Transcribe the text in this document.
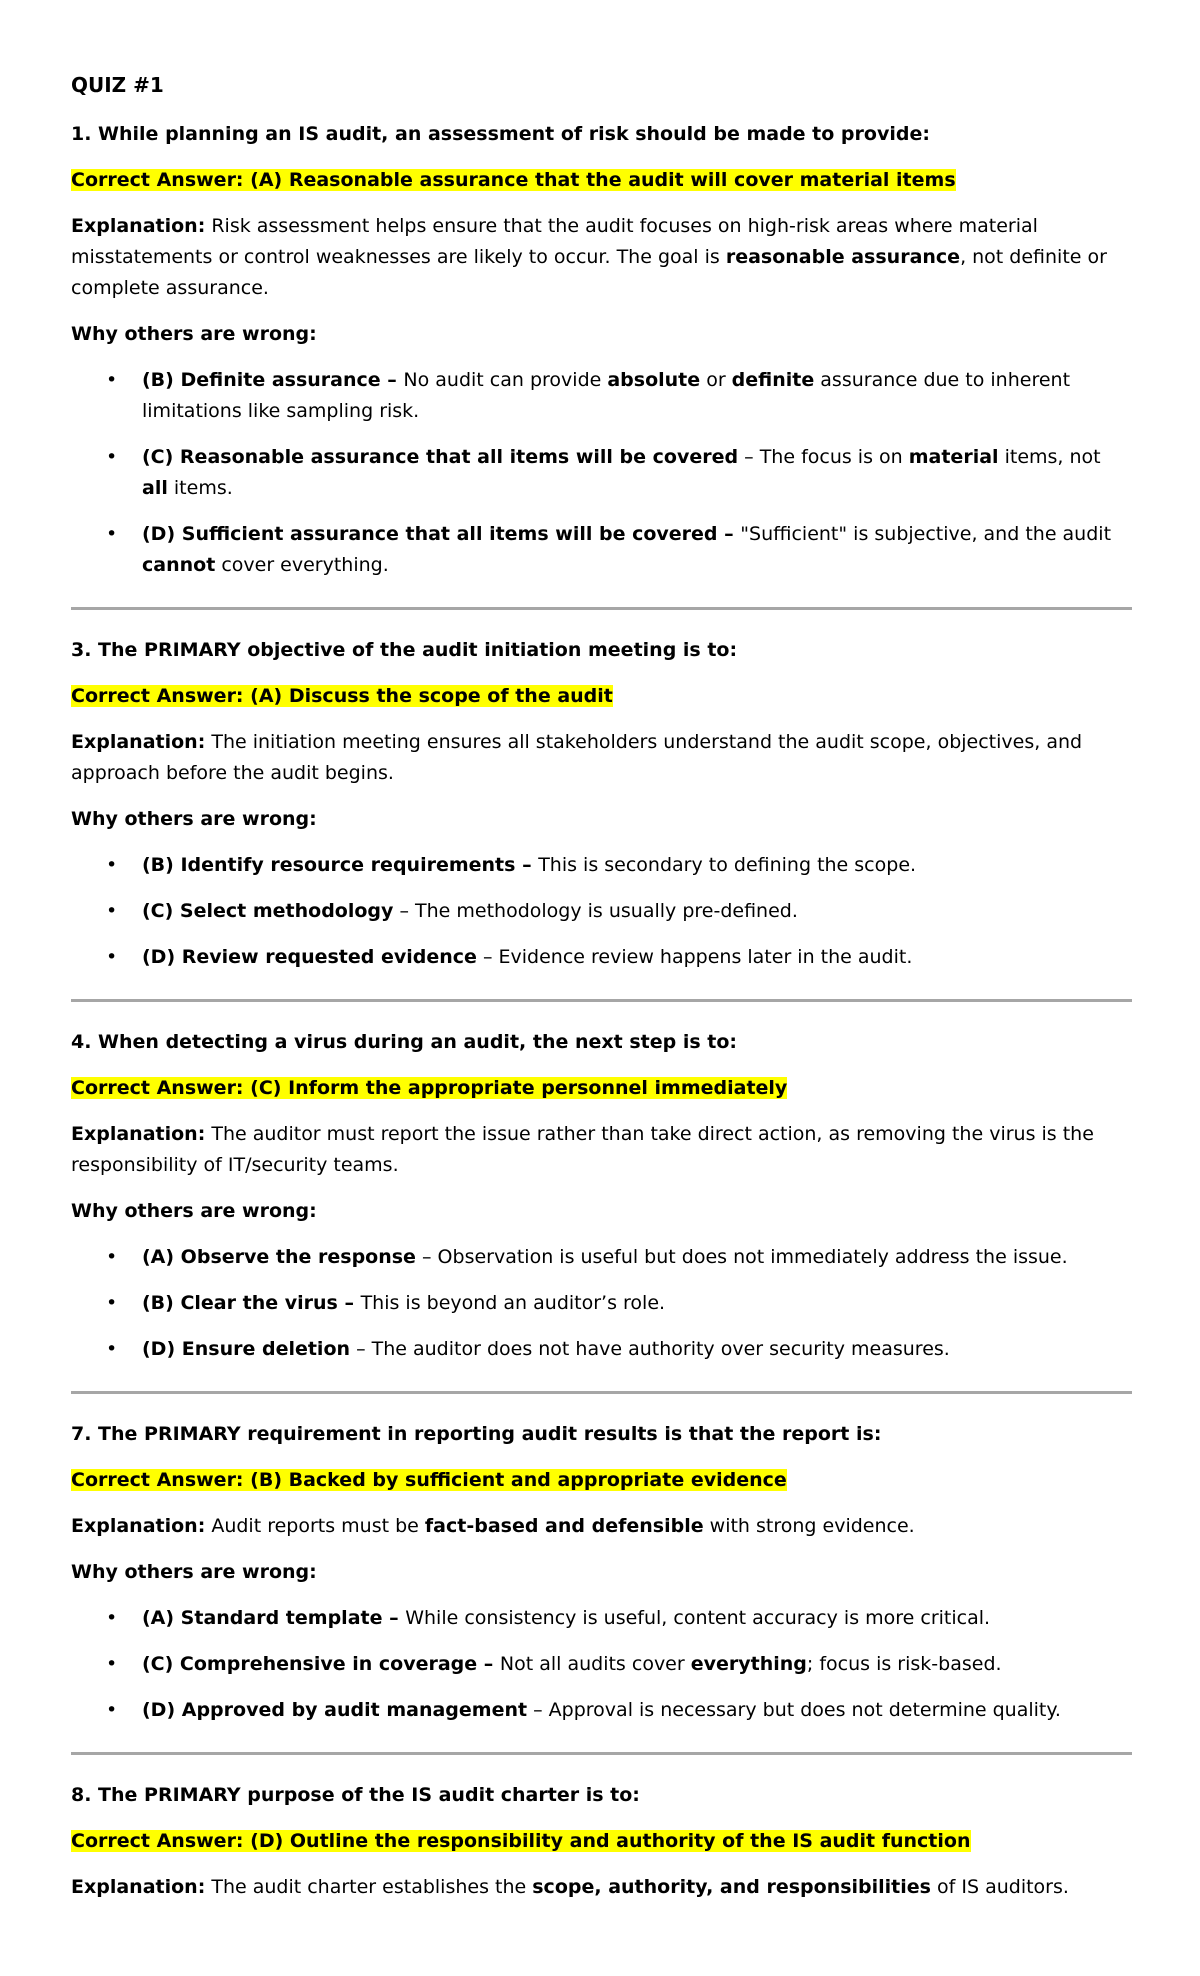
QUIZ #1
1. While planning an IS audit, an assessment of risk should be made to provide:
Correct Answer: (A) Reasonable assurance that the audit will cover material items
Explanation: Risk assessment helps ensure that the audit focuses on high-risk areas where material misstatements or control weaknesses are likely to occur. The goal is reasonable assurance, not definite or complete assurance.
Why others are wrong:
• (B) Definite assurance – No audit can provide absolute or definite assurance due to inherent limitations like sampling risk.
• (C) Reasonable assurance that all items will be covered – The focus is on material items, not all items.
• (D) Sufficient assurance that all items will be covered – "Sufficient" is subjective, and the audit cannot cover everything.
3. The PRIMARY objective of the audit initiation meeting is to:
Correct Answer: (A) Discuss the scope of the audit
Explanation: The initiation meeting ensures all stakeholders understand the audit scope, objectives, and approach before the audit begins.
Why others are wrong:
• (B) Identify resource requirements – This is secondary to defining the scope.
• (C) Select methodology – The methodology is usually pre-defined.
• (D) Review requested evidence – Evidence review happens later in the audit.
4. When detecting a virus during an audit, the next step is to:
Correct Answer: (C) Inform the appropriate personnel immediately
Explanation: The auditor must report the issue rather than take direct action, as removing the virus is the responsibility of IT/security teams.
Why others are wrong:
• (A) Observe the response – Observation is useful but does not immediately address the issue.
• (B) Clear the virus – This is beyond an auditor’s role.
• (D) Ensure deletion – The auditor does not have authority over security measures.
7. The PRIMARY requirement in reporting audit results is that the report is:
Correct Answer: (B) Backed by sufficient and appropriate evidence
Explanation: Audit reports must be fact-based and defensible with strong evidence.
Why others are wrong:
• (A) Standard template – While consistency is useful, content accuracy is more critical.
• (C) Comprehensive in coverage – Not all audits cover everything; focus is risk-based.
• (D) Approved by audit management – Approval is necessary but does not determine quality.
8. The PRIMARY purpose of the IS audit charter is to:
Correct Answer: (D) Outline the responsibility and authority of the IS audit function
Explanation: The audit charter establishes the scope, authority, and responsibilities of IS auditors.
